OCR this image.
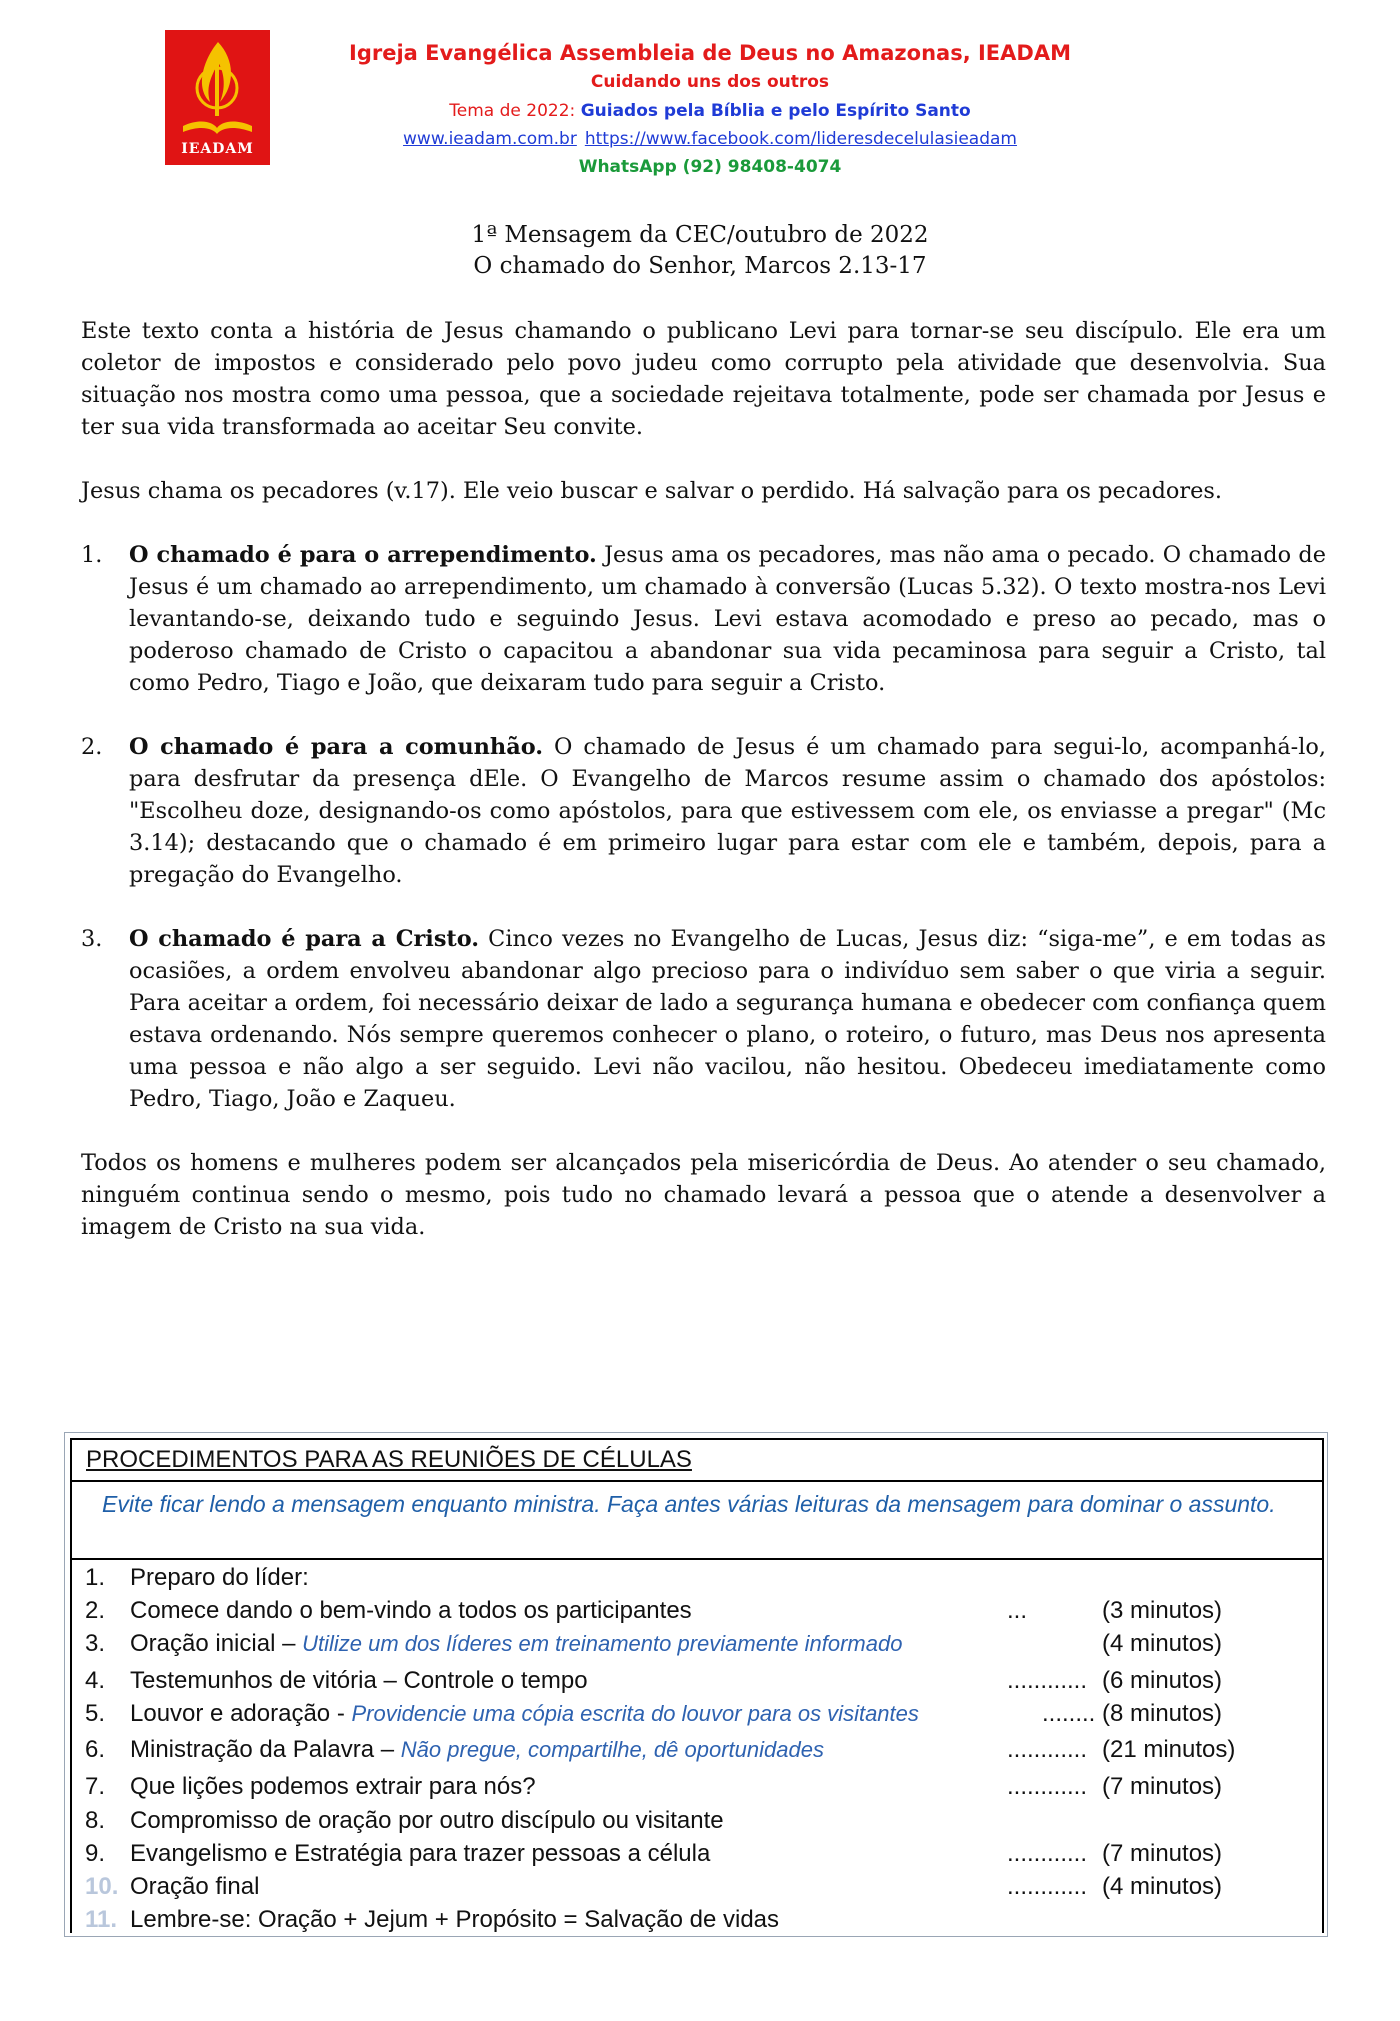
IEADAM
Igreja Evangélica Assembleia de Deus no Amazonas, IEADAM
Cuidando uns dos outros
Tema de 2022: Guiados pela Bíblia e pelo Espírito Santo
www.ieadam.com.br https://www.facebook.com/lideresdecelulasieadam
WhatsApp (92) 98408-4074
1ª Mensagem da CEC/outubro de 2022
O chamado do Senhor, Marcos 2.13-17

Este texto conta a história de Jesus chamando o publicano Levi para tornar-se seu discípulo. Ele era um coletor de impostos e considerado pelo povo judeu como corrupto pela atividade que desenvolvia. Sua situação nos mostra como uma pessoa, que a sociedade rejeitava totalmente, pode ser chamada por Jesus e ter sua vida transformada ao aceitar Seu convite.

Jesus chama os pecadores (v.17). Ele veio buscar e salvar o perdido. Há salvação para os pecadores.

1. O chamado é para o arrependimento. Jesus ama os pecadores, mas não ama o pecado. O chamado de Jesus é um chamado ao arrependimento, um chamado à conversão (Lucas 5.32). O texto mostra-nos Levi levantando-se, deixando tudo e seguindo Jesus. Levi estava acomodado e preso ao pecado, mas o poderoso chamado de Cristo o capacitou a abandonar sua vida pecaminosa para seguir a Cristo, tal como Pedro, Tiago e João, que deixaram tudo para seguir a Cristo.
2. O chamado é para a comunhão. O chamado de Jesus é um chamado para segui-lo, acompanhá-lo, para desfrutar da presença dEle. O Evangelho de Marcos resume assim o chamado dos apóstolos: "Escolheu doze, designando-os como apóstolos, para que estivessem com ele, os enviasse a pregar" (Mc 3.14); destacando que o chamado é em primeiro lugar para estar com ele e também, depois, para a pregação do Evangelho.
3. O chamado é para a Cristo. Cinco vezes no Evangelho de Lucas, Jesus diz: “siga-me”, e em todas as ocasiões, a ordem envolveu abandonar algo precioso para o indivíduo sem saber o que viria a seguir. Para aceitar a ordem, foi necessário deixar de lado a segurança humana e obedecer com confiança quem estava ordenando. Nós sempre queremos conhecer o plano, o roteiro, o futuro, mas Deus nos apresenta uma pessoa e não algo a ser seguido. Levi não vacilou, não hesitou. Obedeceu imediatamente como Pedro, Tiago, João e Zaqueu.

Todos os homens e mulheres podem ser alcançados pela misericórdia de Deus. Ao atender o seu chamado, ninguém continua sendo o mesmo, pois tudo no chamado levará a pessoa que o atende a desenvolver a imagem de Cristo na sua vida.

PROCEDIMENTOS PARA AS REUNIÕES DE CÉLULAS
Evite ficar lendo a mensagem enquanto ministra. Faça antes várias leituras da mensagem para dominar o assunto.
1. Preparo do líder:
2. Comece dando o bem-vindo a todos os participantes	...	(3 minutos)
3. Oração inicial – Utilize um dos líderes em treinamento previamente informado	(4 minutos)
4. Testemunhos de vitória – Controle o tempo	............ (6 minutos)
5. Louvor e adoração - Providencie uma cópia escrita do louvor para os visitantes	........ (8 minutos)
6. Ministração da Palavra – Não pregue, compartilhe, dê oportunidades	............ (21 minutos)
7. Que lições podemos extrair para nós?	............ (7 minutos)
8. Compromisso de oração por outro discípulo ou visitante
9. Evangelismo e Estratégia para trazer pessoas a célula	............ (7 minutos)
10. Oração final	............ (4 minutos)
11. Lembre-se: Oração + Jejum + Propósito = Salvação de vidas
